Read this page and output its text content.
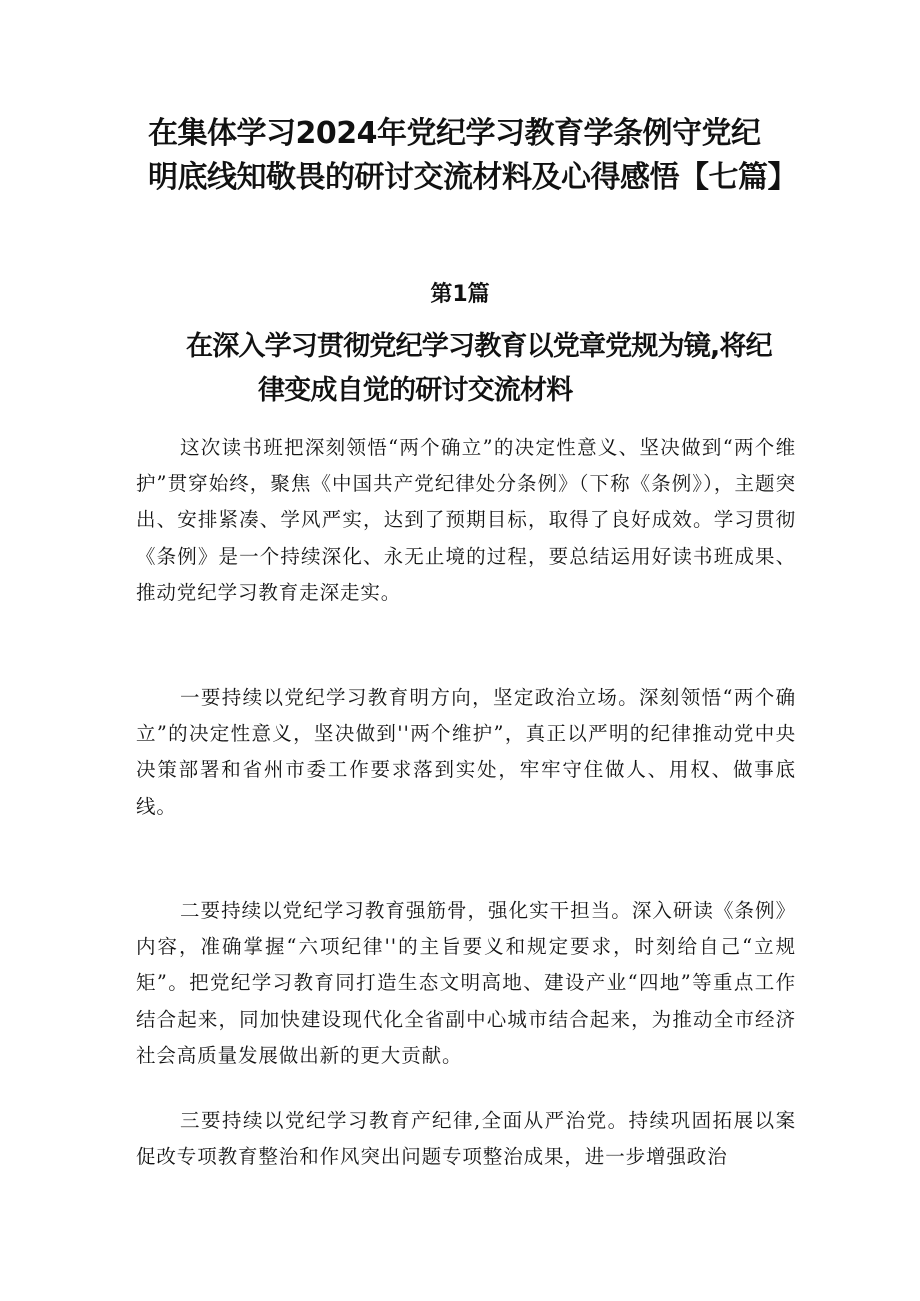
在集体学习2024年党纪学习教育学条例守党纪明底线知敬畏的研讨交流材料及心得感悟【七篇】
第1篇
在深入学习贯彻党纪学习教育以党章党规为镜,将纪
律变成自觉的研讨交流材料

这次读书班把深刻领悟“两个确立”的决定性意义、坚决做到“两个维护”贯穿始终，聚焦《中国共产党纪律处分条例》（下称《条例》），主题突出、安排紧凑、学风严实，达到了预期目标，取得了良好成效。学习贯彻《条例》是一个持续深化、永无止境的过程，要总结运用好读书班成果、推动党纪学习教育走深走实。

一要持续以党纪学习教育明方向，坚定政治立场。深刻领悟“两个确立”的决定性意义，坚决做到''两个维护”，真正以严明的纪律推动党中央决策部署和省州市委工作要求落到实处，牢牢守住做人、用权、做事底线。

二要持续以党纪学习教育强筋骨，强化实干担当。深入研读《条例》内容，准确掌握“六项纪律''的主旨要义和规定要求，时刻给自己“立规矩”。把党纪学习教育同打造生态文明高地、建设产业“四地”等重点工作结合起来，同加快建设现代化全省副中心城市结合起来，为推动全市经济社会高质量发展做出新的更大贡献。

三要持续以党纪学习教育产纪律,全面从严治党。持续巩固拓展以案促改专项教育整治和作风突出问题专项整治成果，进一步增强政治
